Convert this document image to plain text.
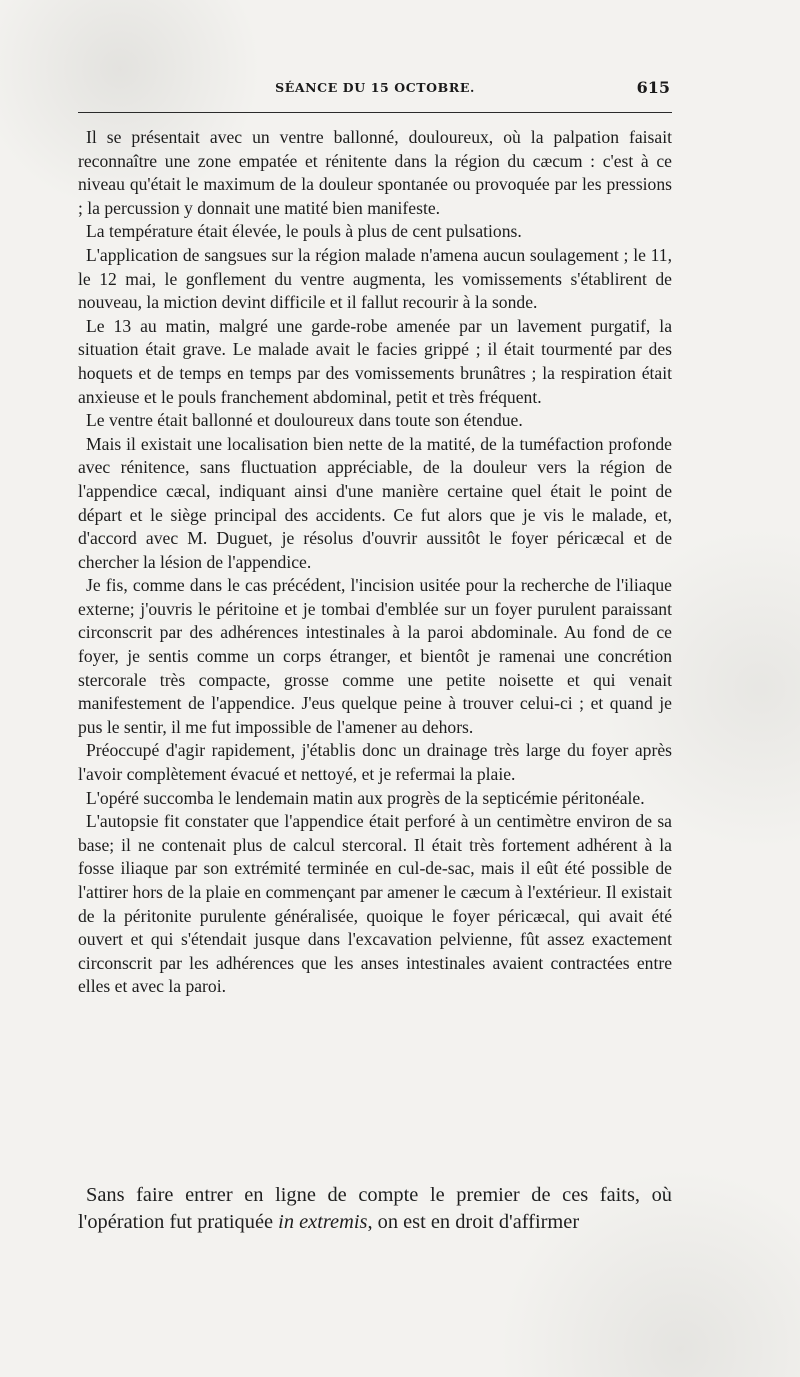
SÉANCE DU 15 OCTOBRE.	615

Il se présentait avec un ventre ballonné, douloureux, où la palpation faisait reconnaître une zone empatée et rénitente dans la région du cæcum : c'est à ce niveau qu'était le maximum de la douleur spontanée ou provoquée par les pressions ; la percussion y donnait une matité bien manifeste.

La température était élevée, le pouls à plus de cent pulsations.

L'application de sangsues sur la région malade n'amena aucun soulagement ; le 11, le 12 mai, le gonflement du ventre augmenta, les vomissements s'établirent de nouveau, la miction devint difficile et il fallut recourir à la sonde.

Le 13 au matin, malgré une garde-robe amenée par un lavement purgatif, la situation était grave. Le malade avait le facies grippé ; il était tourmenté par des hoquets et de temps en temps par des vomissements brunâtres ; la respiration était anxieuse et le pouls franchement abdominal, petit et très fréquent.

Le ventre était ballonné et douloureux dans toute son étendue.

Mais il existait une localisation bien nette de la matité, de la tuméfaction profonde avec rénitence, sans fluctuation appréciable, de la douleur vers la région de l'appendice cæcal, indiquant ainsi d'une manière certaine quel était le point de départ et le siège principal des accidents. Ce fut alors que je vis le malade, et, d'accord avec M. Duguet, je résolus d'ouvrir aussitôt le foyer péricæcal et de chercher la lésion de l'appendice.

Je fis, comme dans le cas précédent, l'incision usitée pour la recherche de l'iliaque externe; j'ouvris le péritoine et je tombai d'emblée sur un foyer purulent paraissant circonscrit par des adhérences intestinales à la paroi abdominale. Au fond de ce foyer, je sentis comme un corps étranger, et bientôt je ramenai une concrétion stercorale très compacte, grosse comme une petite noisette et qui venait manifestement de l'appendice. J'eus quelque peine à trouver celui-ci ; et quand je pus le sentir, il me fut impossible de l'amener au dehors.

Préoccupé d'agir rapidement, j'établis donc un drainage très large du foyer après l'avoir complètement évacué et nettoyé, et je refermai la plaie.

L'opéré succomba le lendemain matin aux progrès de la septicémie péritonéale.

L'autopsie fit constater que l'appendice était perforé à un centimètre environ de sa base; il ne contenait plus de calcul stercoral. Il était très fortement adhérent à la fosse iliaque par son extrémité terminée en cul-de-sac, mais il eût été possible de l'attirer hors de la plaie en commençant par amener le cæcum à l'extérieur. Il existait de la péritonite purulente généralisée, quoique le foyer péricæcal, qui avait été ouvert et qui s'étendait jusque dans l'excavation pelvienne, fût assez exactement circonscrit par les adhérences que les anses intestinales avaient contractées entre elles et avec la paroi.

Sans faire entrer en ligne de compte le premier de ces faits, où l'opération fut pratiquée in extremis, on est en droit d'affirmer
